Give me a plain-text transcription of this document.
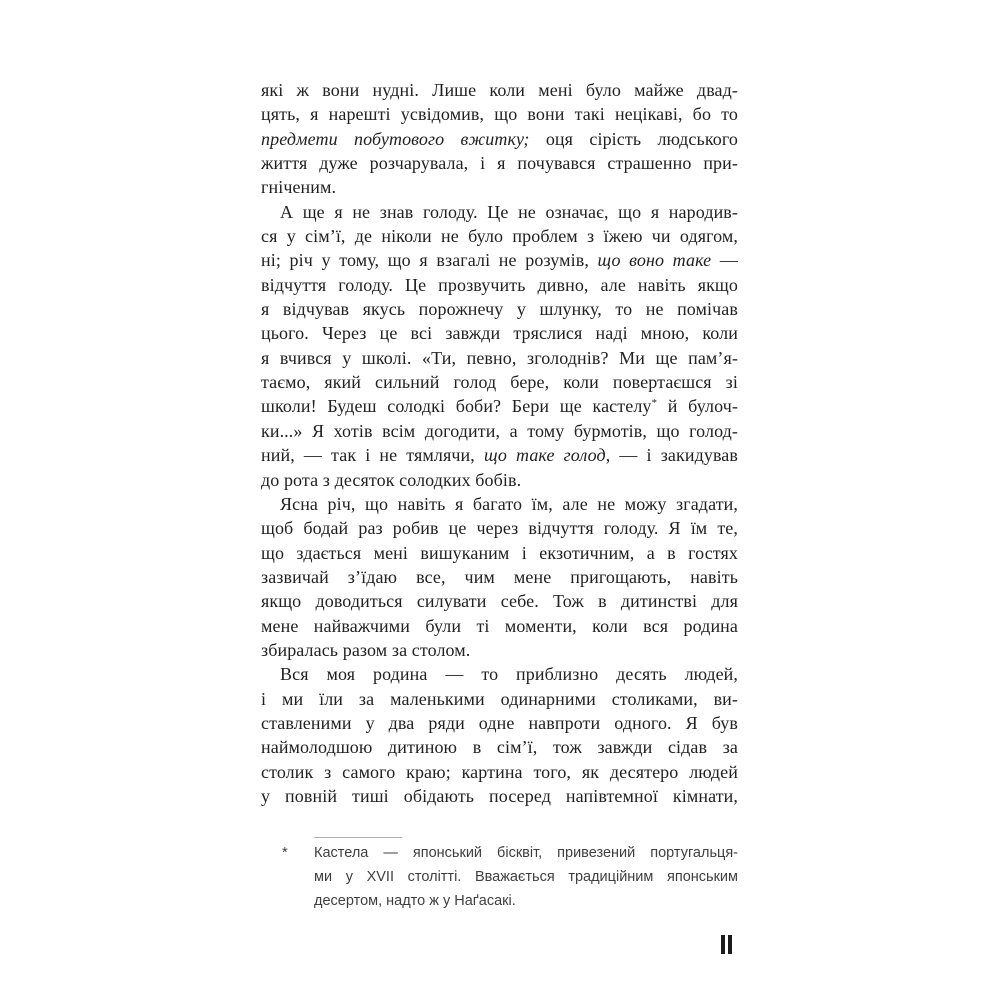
які ж вони нудні. Лише коли мені було майже двад-
цять, я нарешті усвідомив, що вони такі нецікаві, бо то
предмети побутового вжитку; оця сірість людського
життя дуже розчарувала, і я почувався страшенно при-
гніченим.

А ще я не знав голоду. Це не означає, що я народив-
ся у сім’ї, де ніколи не було проблем з їжею чи одягом,
ні; річ у тому, що я взагалі не розумів, що воно таке —
відчуття голоду. Це прозвучить дивно, але навіть якщо
я відчував якусь порожнечу у шлунку, то не помічав
цього. Через це всі завжди тряслися наді мною, коли
я вчився у школі. «Ти, певно, зголоднів? Ми ще пам’я-
таємо, який сильний голод бере, коли повертаєшся зі
школи! Будеш солодкі боби? Бери ще кастелу* й булоч-
ки...» Я хотів всім догодити, а тому бурмотів, що голод-
ний, — так і не тямлячи, що таке голод, — і закидував
до рота з десяток солодких бобів.

Ясна річ, що навіть я багато їм, але не можу згадати,
щоб бодай раз робив це через відчуття голоду. Я їм те,
що здається мені вишуканим і екзотичним, а в гостях
зазвичай з’їдаю все, чим мене пригощають, навіть
якщо доводиться силувати себе. Тож в дитинстві для
мене найважчими були ті моменти, коли вся родина
збиралась разом за столом.

Вся моя родина — то приблизно десять людей,
і ми їли за маленькими одинарними столиками, ви-
ставленими у два ряди одне навпроти одного. Я був
наймолодшою дитиною в сім’ї, тож завжди сідав за
столик з самого краю; картина того, як десятеро людей
у повній тиші обідають посеред напівтемної кімнати,

* Кастела — японський бісквіт, привезений португальця-
ми у XVII столітті. Вважається традиційним японським
десертом, надто ж у Наґасакі.
